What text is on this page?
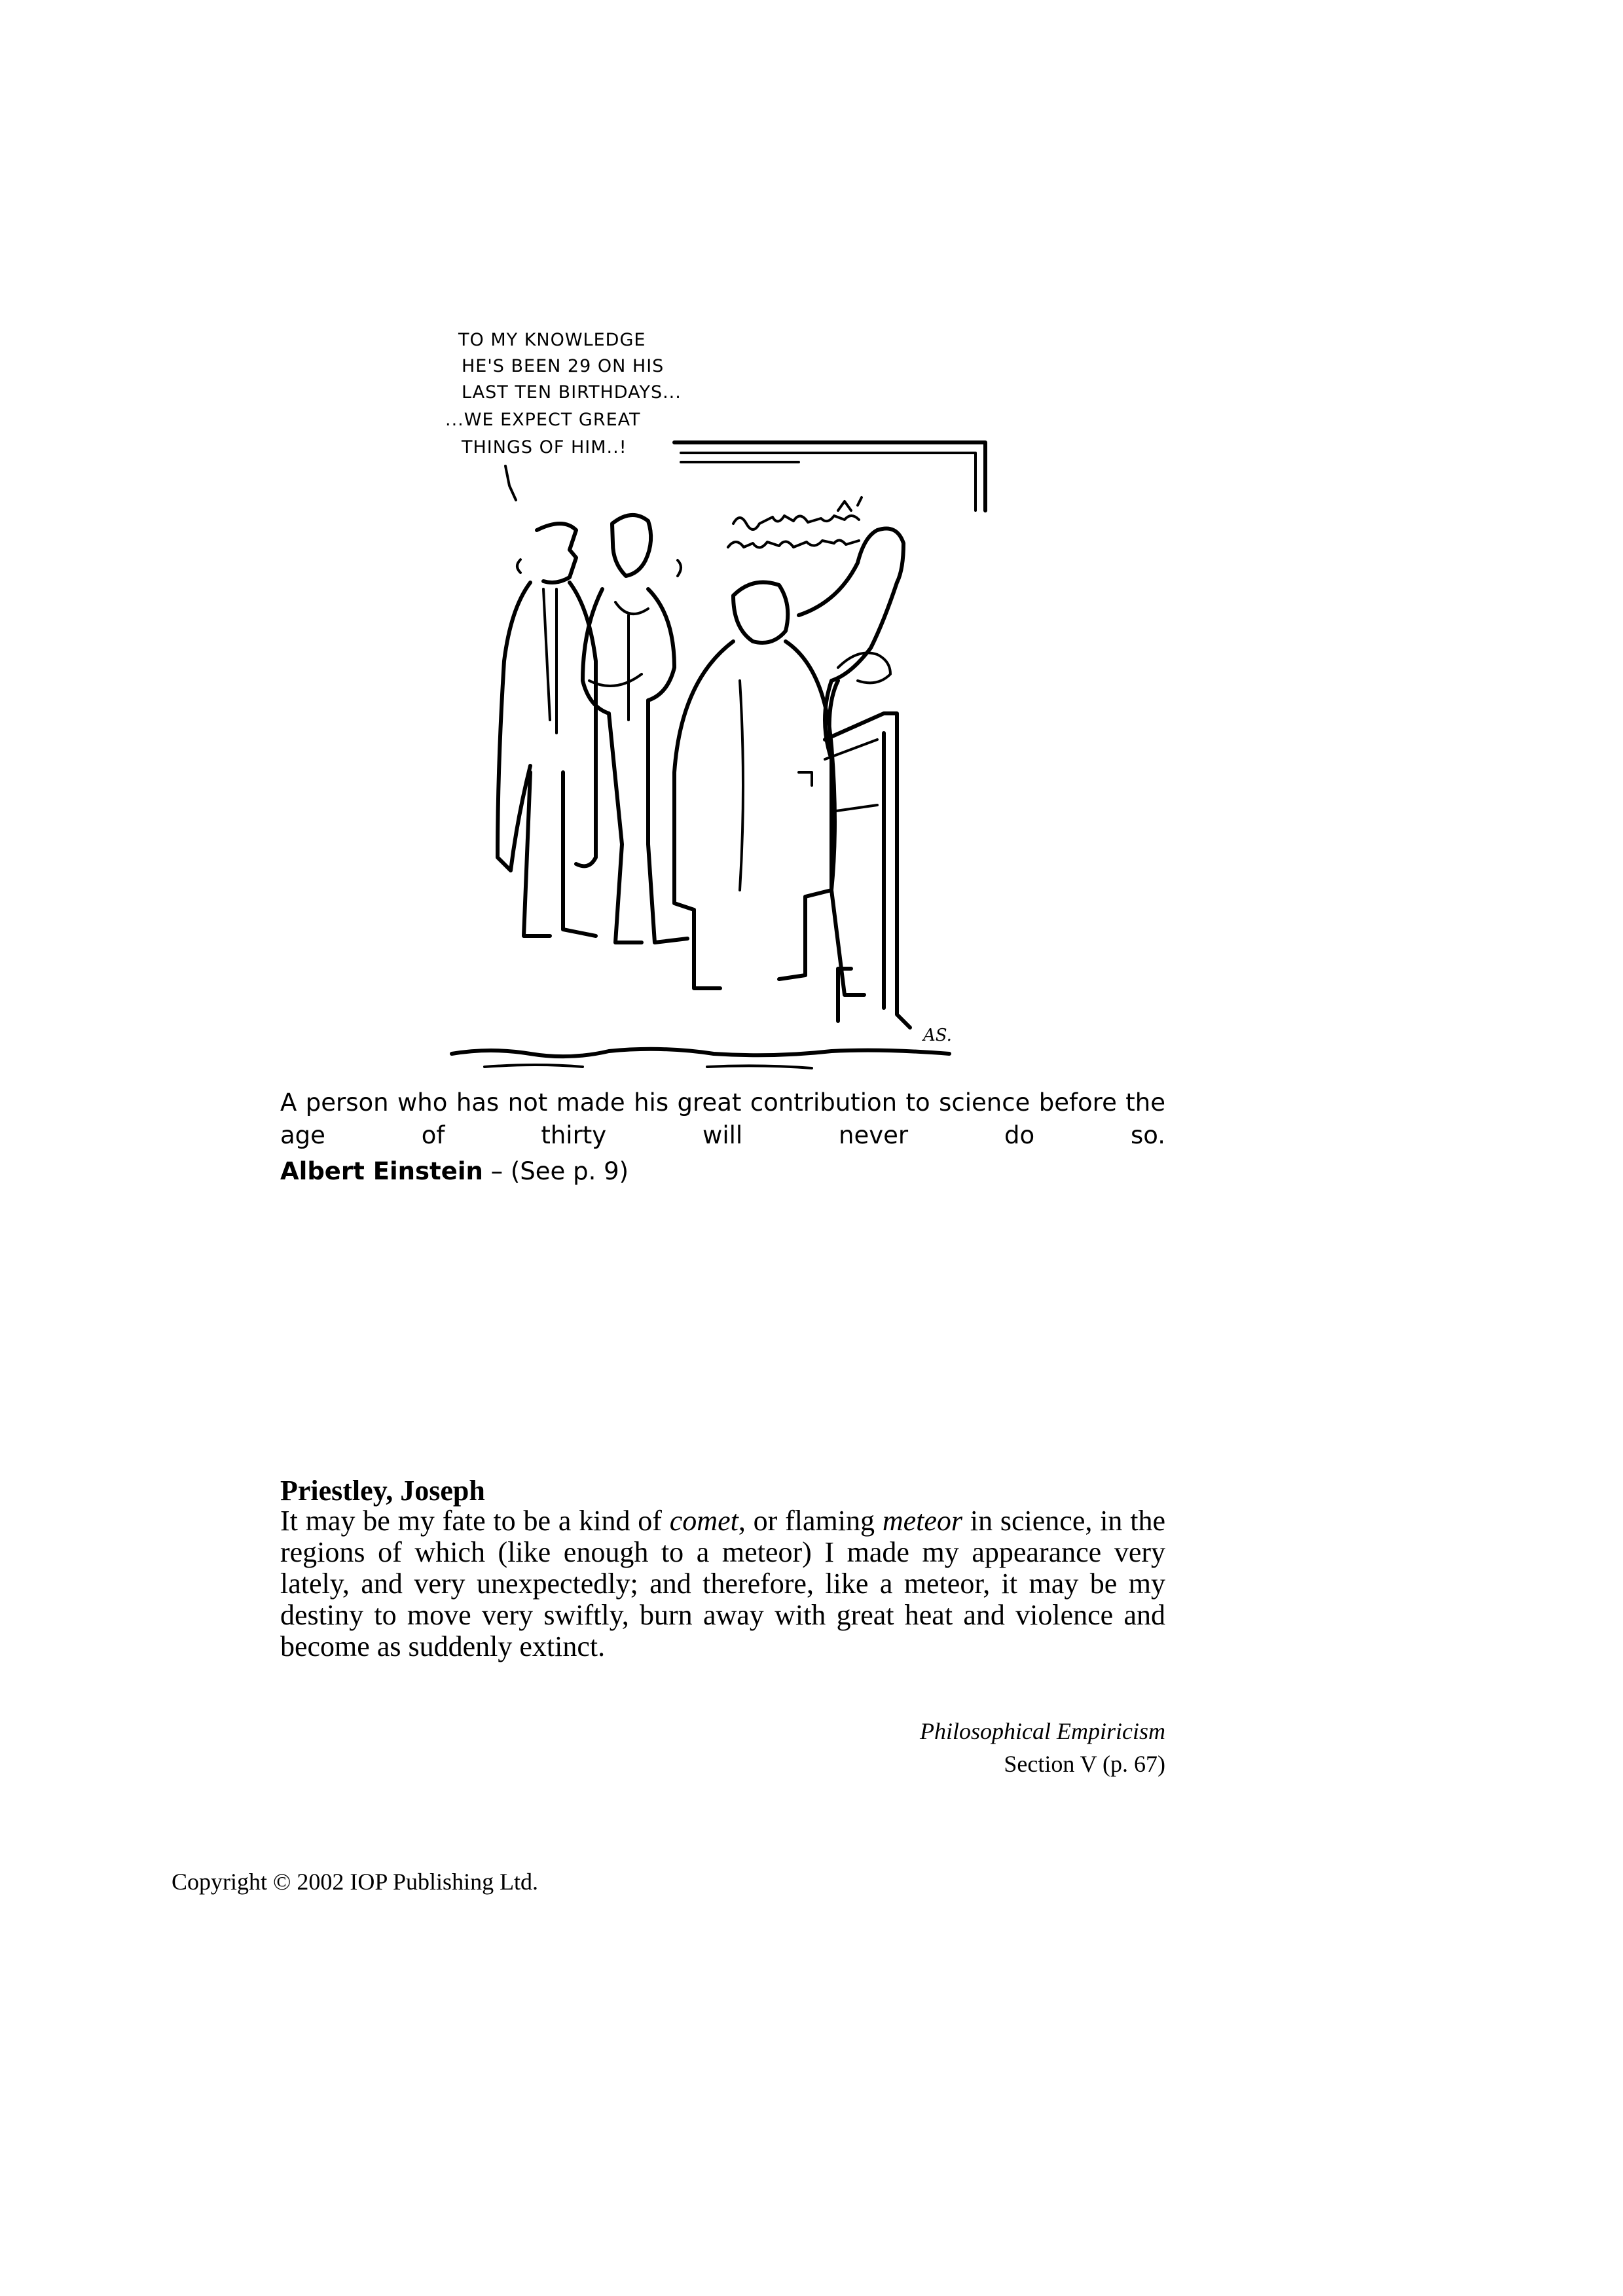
TO MY KNOWLEDGE
HE'S BEEN 29 ON HIS
LAST TEN BIRTHDAYS...
...WE EXPECT GREAT
THINGS OF HIM..!
AS.
A person who has not made his great contribution to science before the age of thirty will never do so.
Albert Einstein – (See p. 9)
Priestley, Joseph
It may be my fate to be a kind of comet, or flaming meteor in science, in the
regions of which (like enough to a meteor) I made my appearance very
lately, and very unexpectedly; and therefore, like a meteor, it may be my
destiny to move very swiftly, burn away with great heat and violence and
become as suddenly extinct.
Philosophical Empiricism
Section V (p. 67)
Copyright © 2002 IOP Publishing Ltd.
